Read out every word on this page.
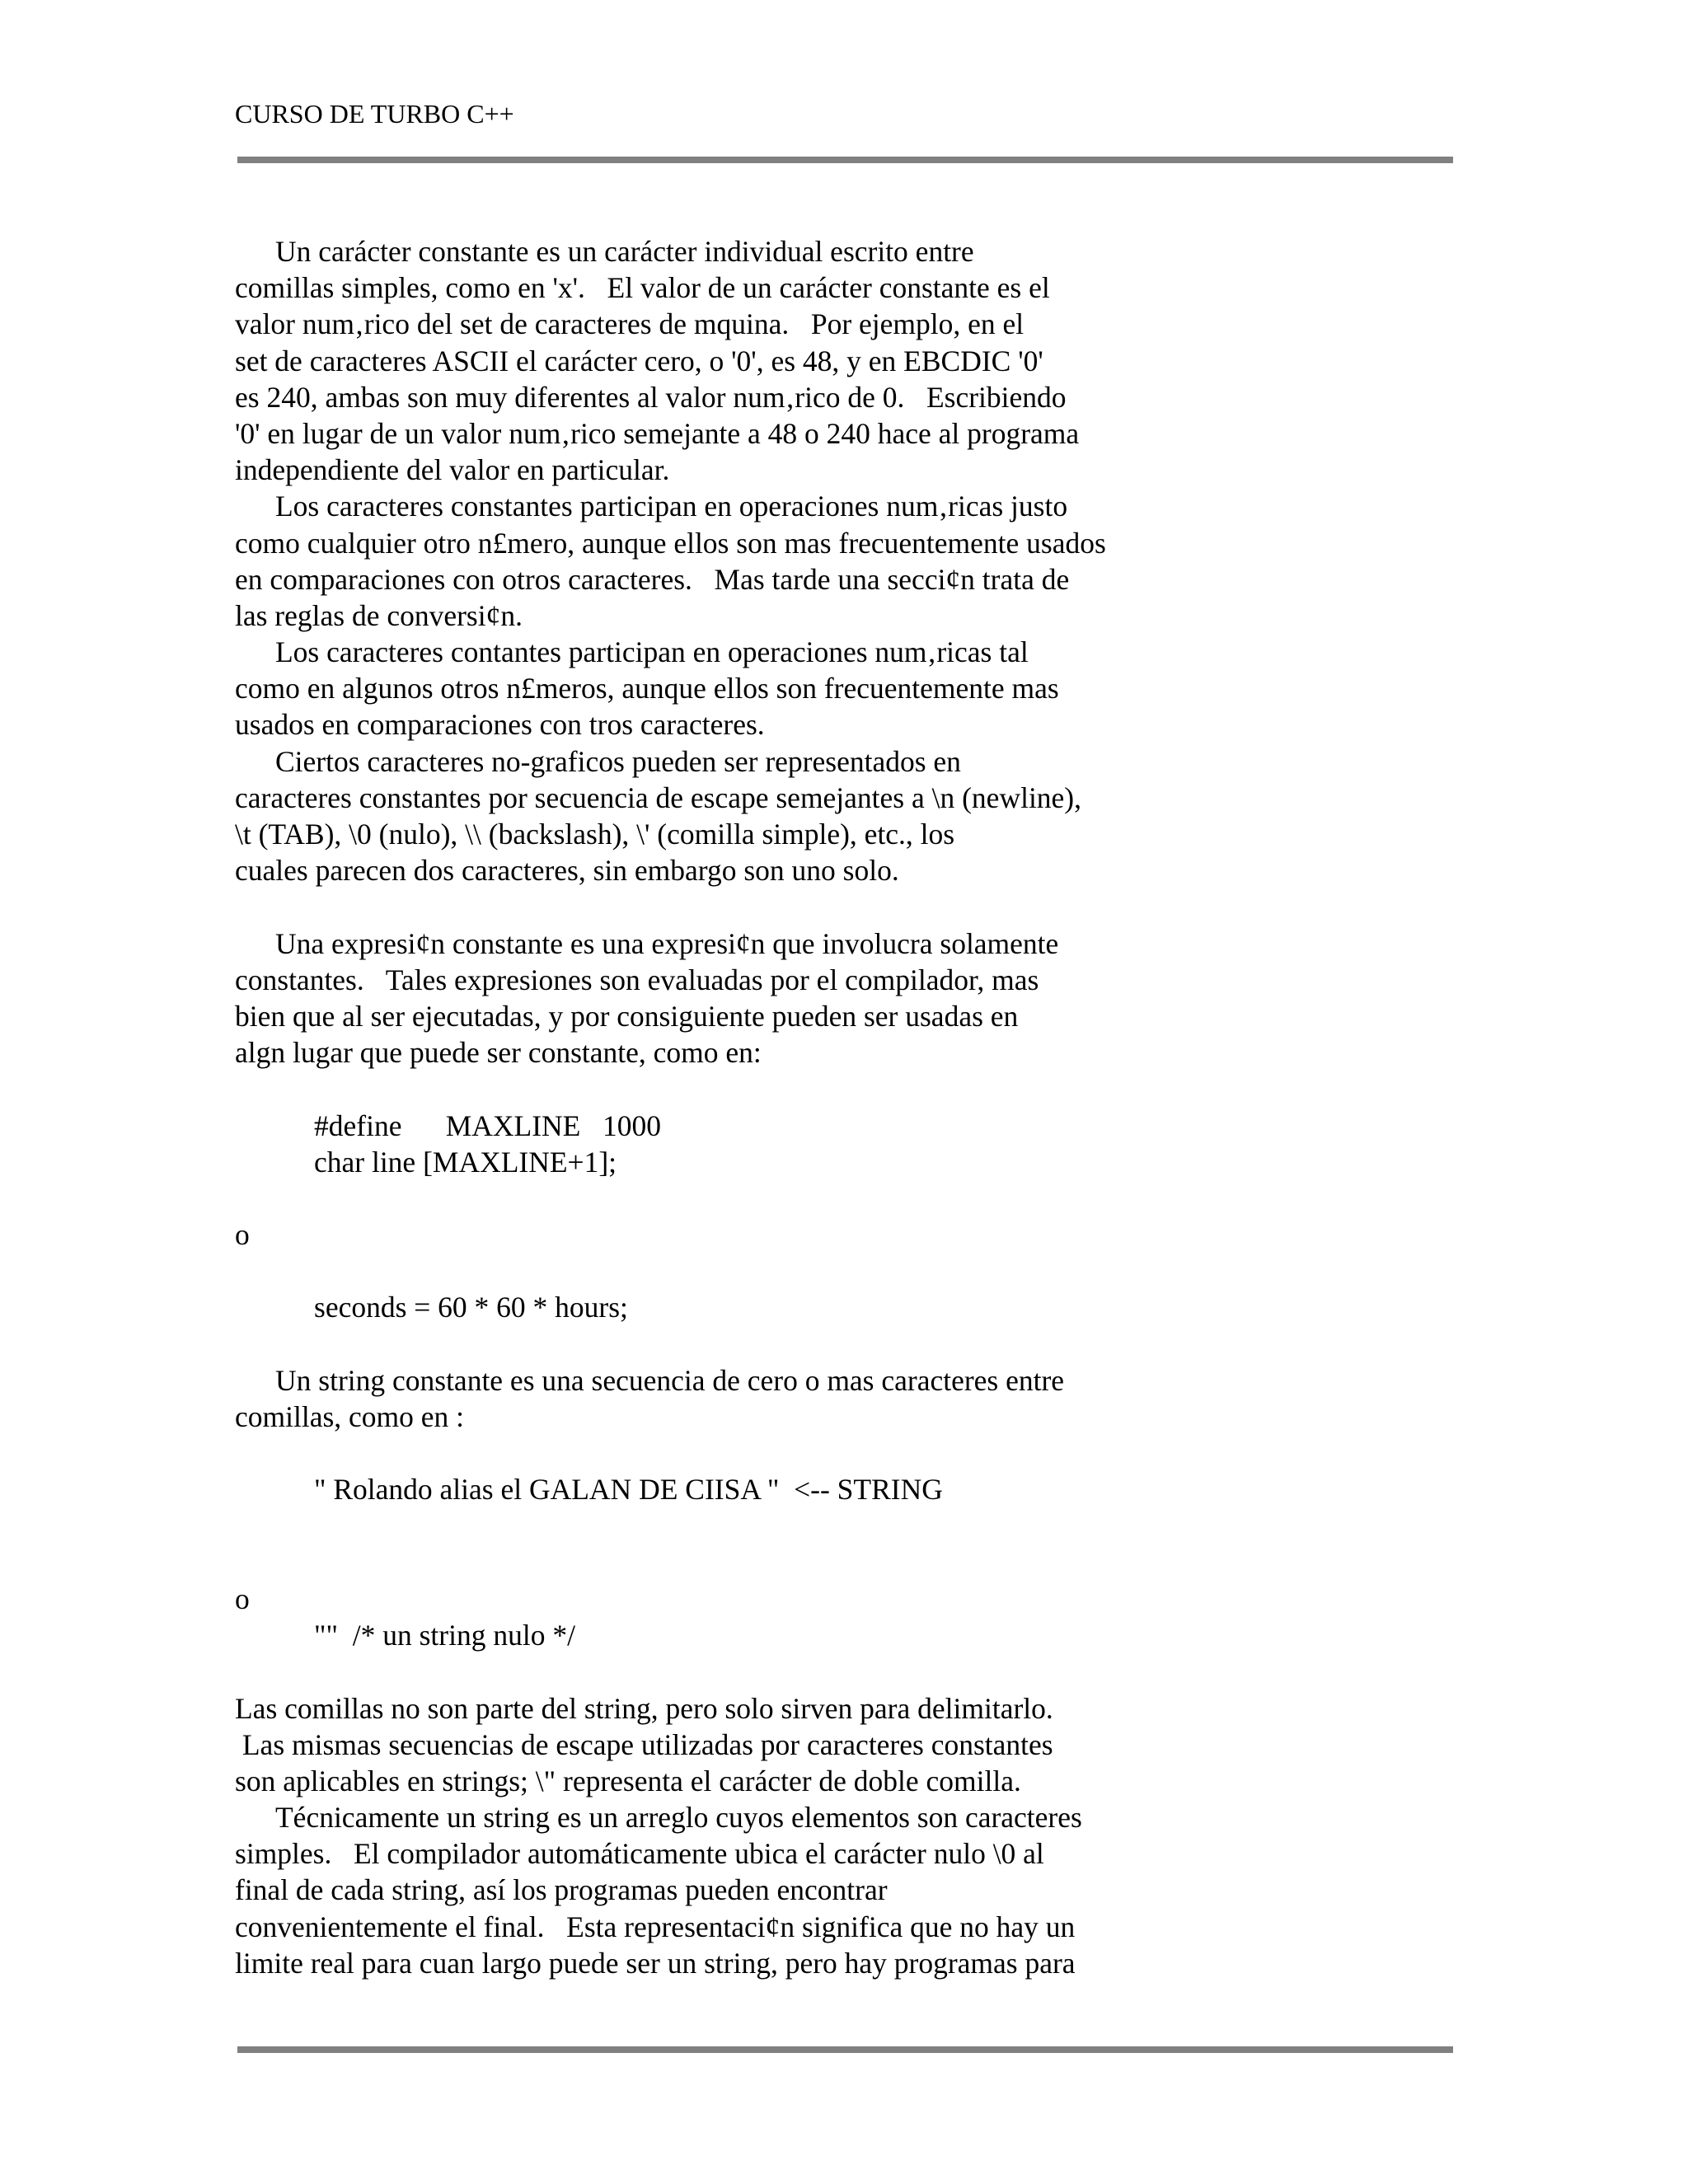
CURSO DE TURBO C++
Un carácter constante es un carácter individual escrito entre
comillas simples, como en 'x'.   El valor de un carácter constante es el
valor num‚rico del set de caracteres de mquina.   Por ejemplo, en el
set de caracteres ASCII el carácter cero, o '0', es 48, y en EBCDIC '0'
es 240, ambas son muy diferentes al valor num‚rico de 0.   Escribiendo
'0' en lugar de un valor num‚rico semejante a 48 o 240 hace al programa
independiente del valor en particular.
Los caracteres constantes participan en operaciones num‚ricas justo
como cualquier otro n£mero, aunque ellos son mas frecuentemente usados
en comparaciones con otros caracteres.   Mas tarde una secci¢n trata de
las reglas de conversi¢n.
Los caracteres contantes participan en operaciones num‚ricas tal
como en algunos otros n£meros, aunque ellos son frecuentemente mas
usados en comparaciones con tros caracteres.
Ciertos caracteres no-graficos pueden ser representados en
caracteres constantes por secuencia de escape semejantes a \n (newline),
\t (TAB), \0 (nulo), \\ (backslash), \' (comilla simple), etc., los
cuales parecen dos caracteres, sin embargo son uno solo.
Una expresi¢n constante es una expresi¢n que involucra solamente
constantes.   Tales expresiones son evaluadas por el compilador, mas
bien que al ser ejecutadas, y por consiguiente pueden ser usadas en
algn lugar que puede ser constante, como en:
#define      MAXLINE   1000
char line [MAXLINE+1];
o
seconds = 60 * 60 * hours;
Un string constante es una secuencia de cero o mas caracteres entre
comillas, como en :
" Rolando alias el GALAN DE CIISA "  <-- STRING
o
""  /* un string nulo */
Las comillas no son parte del string, pero solo sirven para delimitarlo.
Las mismas secuencias de escape utilizadas por caracteres constantes
son aplicables en strings; \" representa el carácter de doble comilla.
Técnicamente un string es un arreglo cuyos elementos son caracteres
simples.   El compilador automáticamente ubica el carácter nulo \0 al
final de cada string, así los programas pueden encontrar
convenientemente el final.   Esta representaci¢n significa que no hay un
limite real para cuan largo puede ser un string, pero hay programas para
